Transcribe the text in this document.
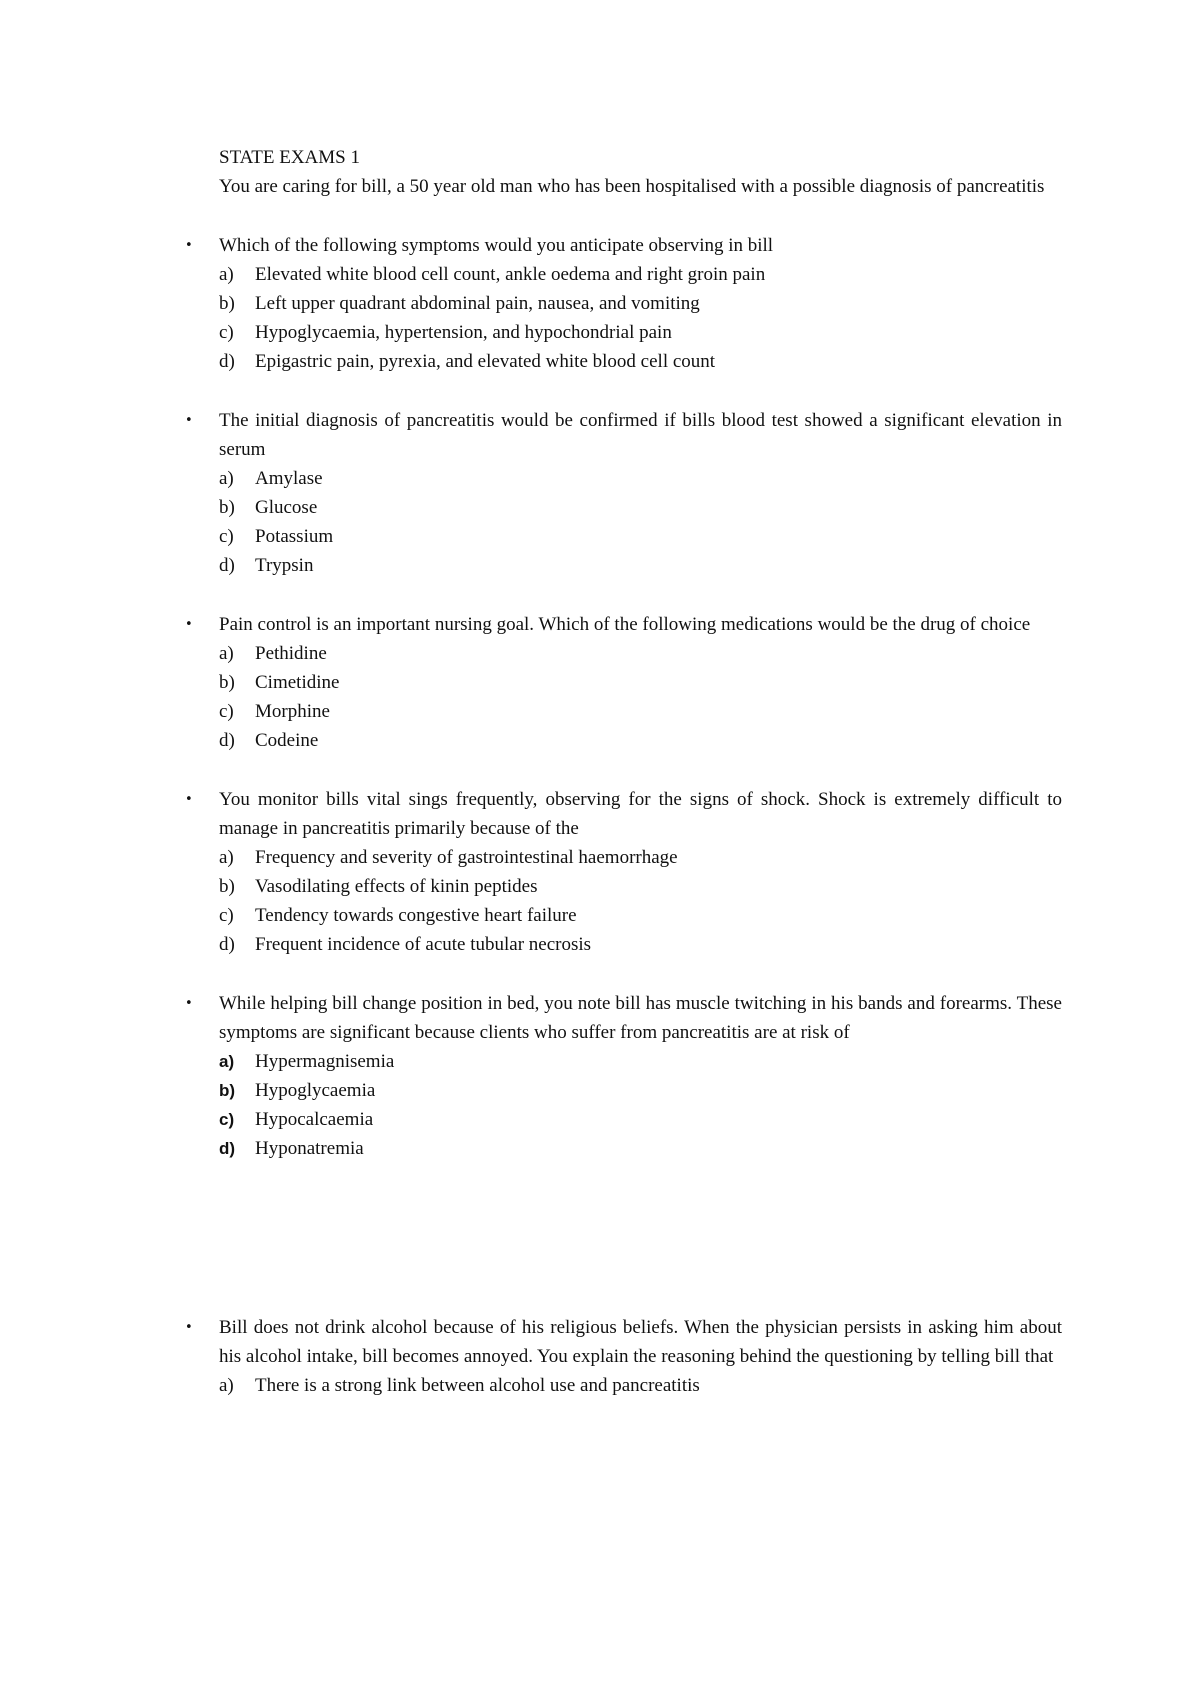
STATE EXAMS 1

You are caring for bill, a 50 year old man who has been hospitalised with a possible diagnosis of pancreatitis

• Which of the following symptoms would you anticipate observing in bill

a)	Elevated white blood cell count, ankle oedema and right groin pain
b)	Left upper quadrant abdominal pain, nausea, and vomiting
c)	Hypoglycaemia, hypertension, and hypochondrial pain
d)	Epigastric pain, pyrexia, and elevated white blood cell count
• The initial diagnosis of pancreatitis would be confirmed if bills blood test showed a significant elevation in serum

a)	Amylase
b)	Glucose
c)	Potassium
d)	Trypsin
• Pain control is an important nursing goal. Which of the following medications would be the drug of choice

a)	Pethidine
b)	Cimetidine
c)	Morphine
d)	Codeine
• You monitor bills vital sings frequently, observing for the signs of shock. Shock is extremely difficult to manage in pancreatitis primarily because of the

a)	Frequency and severity of gastrointestinal haemorrhage
b)	Vasodilating effects of kinin peptides
c)	Tendency towards congestive heart failure
d)	Frequent incidence of acute tubular necrosis
• While helping bill change position in bed, you note bill has muscle twitching in his bands and forearms. These symptoms are significant because clients who suffer from pancreatitis are at risk of

a)	Hypermagnisemia
b)	Hypoglycaemia
c)	Hypocalcaemia
d)	Hyponatremia
• Bill does not drink alcohol because of his religious beliefs. When the physician persists in asking him about his alcohol intake, bill becomes annoyed. You explain the reasoning behind the questioning by telling bill that

a)	There is a strong link between alcohol use and pancreatitis
